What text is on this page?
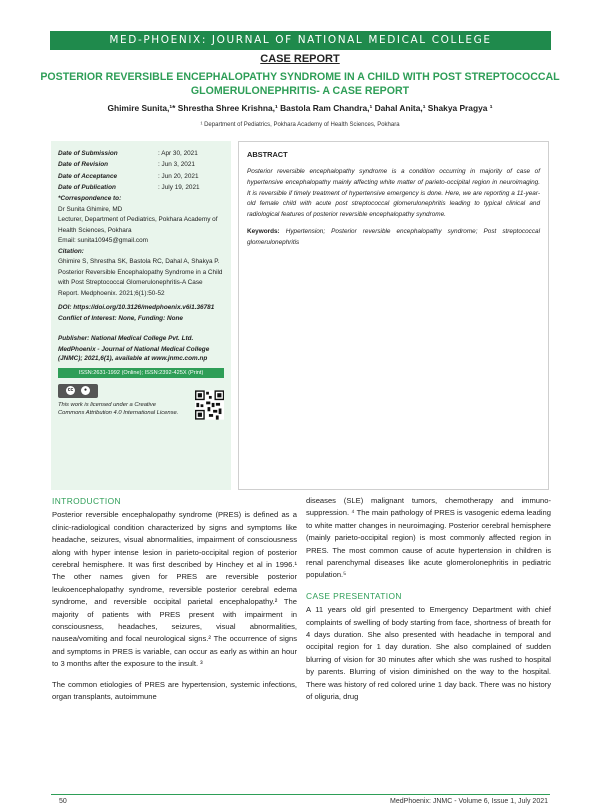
MED-PHOENIX: JOURNAL OF NATIONAL MEDICAL COLLEGE
CASE REPORT
POSTERIOR REVERSIBLE ENCEPHALOPATHY SYNDROME IN A CHILD WITH POST STREPTOCOCCAL GLOMERULONEPHRITIS- A CASE REPORT
Ghimire Sunita,¹* Shrestha Shree Krishna,¹ Bastola Ram Chandra,¹ Dahal Anita,¹ Shakya Pragya ¹
¹ Department of Pediatrics, Pokhara Academy of Health Sciences, Pokhara
Date of Submission	: Apr 30, 2021
Date of Revision	: Jun 3, 2021
Date of Acceptance	: Jun 20, 2021
Date of Publication	: July 19, 2021

*Correspondence to:

Dr Sunita Ghimire, MD

Lecturer, Department of Pediatrics, Pokhara Academy of Health Sciences, Pokhara

Email: sunita10945@gmail.com

Citation:

Ghimire S, Shrestha SK, Bastola RC, Dahal A, Shakya P. Posterior Reversible Encephalopathy Syndrome in a Child with Post Streptococcal Glomerulonephritis-A Case Report. Medphoenix. 2021;6(1):50-52

DOI: https://doi.org/10.3126/medphoenix.v6i1.36781

Conflict of Interest: None, Funding: None

Publisher: National Medical College Pvt. Ltd.

MedPhoenix - Journal of National Medical College (JNMC); 2021,6(1), available at www.jnmc.com.np

ISSN:2631-1992 (Online); ISSN:2392-425X (Print)
cc	●
This work is licensed under a Creative Commons Attribution 4.0 International License.
ABSTRACT
Posterior reversible encephalopathy syndrome is a condition occurring in majority of case of hypertensive encephalopathy mainly affecting white matter of parieto-occipital region in neuroimaging. It is reversible if timely treatment of hypertensive emergency is done. Here, we are reporting a 11-year-old female child with acute post streptococcal glomerulonephritis leading to typical clinical and radiological features of posterior reversible encephalopathy syndrome.
Keywords: Hypertension; Posterior reversible encephalopathy syndrome; Post streptococcal glomerulonephritis
INTRODUCTION

Posterior reversible encephalopathy syndrome (PRES) is defined as a clinic-radiological condition characterized by signs and symptoms like headache, seizures, visual abnormalities, impairment of consciousness along with hyper intense lesion in parieto-occipital region of posterior cerebral hemisphere. It was first described by Hinchey et al in 1996.¹ The other names given for PRES are reversible posterior leukoencephalopathy syndrome, reversible posterior cerebral edema syndrome, and reversible occipital parietal encephalopathy.² The majority of patients with PRES present with impairment in consciousness, headaches, seizures, visual abnormalities, nausea/vomiting and focal neurological signs.² The occurrence of signs and symptoms in PRES is variable, can occur as early as within an hour to 3 months after the exposure to the insult. ³

The common etiologies of PRES are hypertension, systemic infections, organ transplants, autoimmune

diseases (SLE) malignant tumors, chemotherapy and immuno-suppression. ⁴ The main pathology of PRES is vasogenic edema leading to white matter changes in neuroimaging. Posterior cerebral hemisphere (mainly parieto-occipital region) is most commonly affected region in PRES. The most common cause of acute hypertension in children is renal parenchymal diseases like acute glomerolonephritis in pediatric population.⁵

CASE PRESENTATION

A 11 years old girl presented to Emergency Department with chief complaints of swelling of body starting from face, shortness of breath for 4 days duration. She also presented with headache in temporal and occipital region for 1 day duration. She also complained of sudden blurring of vision for 30 minutes after which she was rushed to hospital by parents. Blurring of vision diminished on the way to the hospital. There was history of red colored urine 1 day back. There was no history of oliguria, drug

50	MedPhoenix: JNMC - Volume 6, Issue 1, July 2021
